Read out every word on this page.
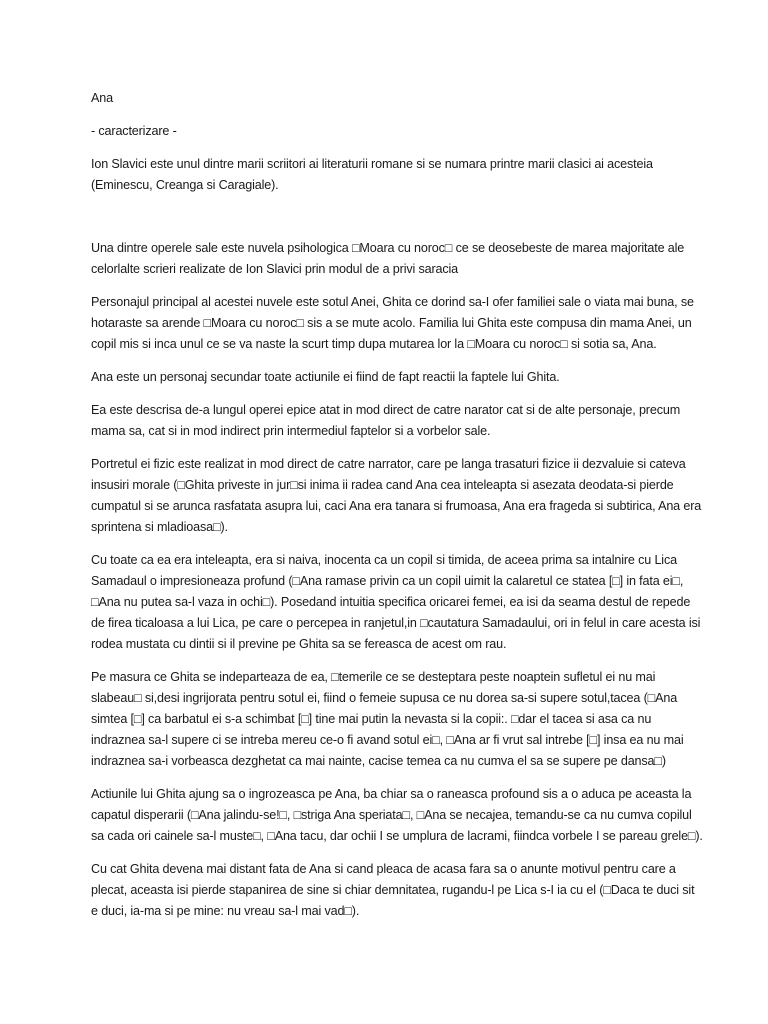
Ana

- caracterizare -

Ion Slavici este unul dintre marii scriitori ai literaturii romane si se numara printre marii clasici ai acesteia (Eminescu, Creanga si Caragiale).

Una dintre operele sale este nuvela psihologica □Moara cu noroc□ ce se deosebeste de marea majoritate ale celorlalte scrieri realizate de Ion Slavici prin modul de a privi saracia

Personajul principal al acestei nuvele este sotul Anei, Ghita ce dorind sa-I ofer familiei sale o viata mai buna, se hotaraste sa arende □Moara cu noroc□ sis a se mute acolo. Familia lui Ghita este compusa din mama Anei, un copil mis si inca unul ce se va naste la scurt timp dupa mutarea lor la □Moara cu noroc□ si sotia sa, Ana.

Ana este un personaj secundar toate actiunile ei fiind de fapt reactii la faptele lui Ghita.

Ea este descrisa de-a lungul operei epice atat in mod direct de catre narator cat si de alte personaje, precum mama sa, cat si in mod indirect prin intermediul faptelor si a vorbelor sale.

Portretul ei fizic este realizat in mod direct de catre narrator, care pe langa trasaturi fizice ii dezvaluie si cateva insusiri morale (□Ghita priveste in jur□si inima ii radea cand Ana cea inteleapta si asezata deodata-si pierde cumpatul si se arunca rasfatata asupra lui, caci Ana era tanara si frumoasa, Ana era frageda si subtirica, Ana era sprintena si mladioasa□).

Cu toate ca ea era inteleapta, era si naiva, inocenta ca un copil si timida, de aceea prima sa intalnire cu Lica Samadaul o impresioneaza profund (□Ana ramase privin ca un copil uimit la calaretul ce statea [□] in fata ei□, □Ana nu putea sa-l vaza in ochi□). Posedand intuitia specifica oricarei femei, ea isi da seama destul de repede de firea ticaloasa a lui Lica, pe care o percepea in ranjetul,in □cautatura Samadaului, ori in felul in care acesta isi rodea mustata cu dintii si il previne pe Ghita sa se fereasca de acest om rau.

Pe masura ce Ghita se indeparteaza de ea, □temerile ce se desteptara peste noaptein sufletul ei nu mai slabeau□ si,desi ingrijorata pentru sotul ei, fiind o femeie supusa ce nu dorea sa-si supere sotul,tacea (□Ana simtea [□] ca barbatul ei s-a schimbat [□] tine mai putin la nevasta si la copii:. □dar el tacea si asa ca nu indraznea sa-l supere ci se intreba mereu ce-o fi avand sotul ei□, □Ana ar fi vrut sal intrebe [□] insa ea nu mai indraznea sa-i vorbeasca dezghetat ca mai nainte, cacise temea ca nu cumva el sa se supere pe dansa□)

Actiunile lui Ghita ajung sa o ingrozeasca pe Ana, ba chiar sa o raneasca profound sis a o aduca pe aceasta la capatul disperarii (□Ana jalindu-se!□, □striga Ana speriata□, □Ana se necajea, temandu-se ca nu cumva copilul sa cada ori cainele sa-l muste□, □Ana tacu, dar ochii I se umplura de lacrami, fiindca vorbele I se pareau grele□).

Cu cat Ghita devena mai distant fata de Ana si cand pleaca de acasa fara sa o anunte motivul pentru care a plecat, aceasta isi pierde stapanirea de sine si chiar demnitatea, rugandu-l pe Lica s-I ia cu el (□Daca te duci sit e duci, ia-ma si pe mine: nu vreau sa-l mai vad□).
